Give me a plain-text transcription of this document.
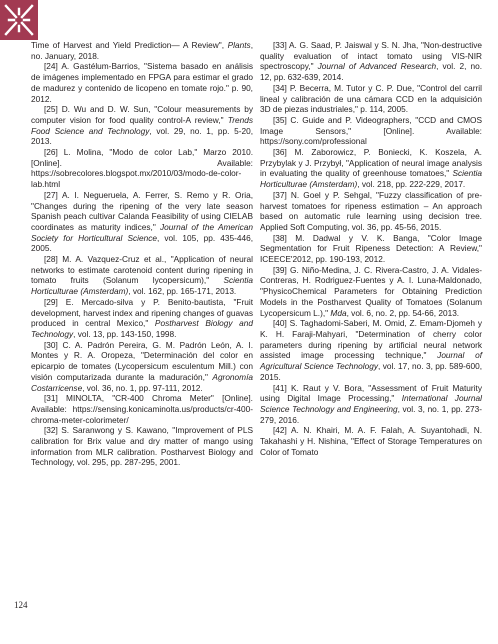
Time of Harvest and Yield Prediction— A Review", Plants, no. January, 2018.

[24] A. Gastélum-Barrios, "Sistema basado en análisis de imágenes implementado en FPGA para estimar el grado de madurez y contenido de licopeno en tomate rojo." p. 90, 2012.

[25] D. Wu and D. W. Sun, "Colour measurements by computer vision for food quality control-A review," Trends Food Science and Technology, vol. 29, no. 1, pp. 5-20, 2013.

[26] L. Molina, "Modo de color Lab," Marzo 2010. [Online]. Available: https://sobrecolores.blogspot.mx/2010/03/modo-de-color-lab.html

[27] A. I. Negueruela, A. Ferrer, S. Remo y R. Oria, "Changes during the ripening of the very late season Spanish peach cultivar Calanda Feasibility of using CIELAB coordinates as maturity indices," Journal of the American Society for Horticultural Science, vol. 105, pp. 435-446, 2005.

[28] M. A. Vazquez-Cruz et al., "Application of neural networks to estimate carotenoid content during ripening in tomato fruits (Solanum lycopersicum)," Scientia Horticulturae (Amsterdam), vol. 162, pp. 165-171, 2013.

[29] E. Mercado-silva y P. Benito-bautista, "Fruit development, harvest index and ripening changes of guavas produced in central Mexico," Postharvest Biology and Technology, vol. 13, pp. 143-150, 1998.

[30] C. A. Padrón Pereira, G. M. Padrón León, A. I. Montes y R. A. Oropeza, "Determinación del color en epicarpio de tomates (Lycopersicum esculentum Mill.) con visión computarizada durante la maduración," Agronomía Costarricense, vol. 36, no. 1, pp. 97-111, 2012.

[31] MINOLTA, "CR-400 Chroma Meter" [Online]. Available: https://sensing.konicaminolta.us/products/cr-400-chroma-meter-colorimeter/

[32] S. Saranwong y S. Kawano, "Improvement of PLS calibration for Brix value and dry matter of mango using information from MLR calibration. Postharvest Biology and Technology, vol. 295, pp. 287-295, 2001.

[33] A. G. Saad, P. Jaiswal y S. N. Jha, "Non-destructive quality evaluation of intact tomato using VIS-NIR spectroscopy," Journal of Advanced Research, vol. 2, no. 12, pp. 632-639, 2014.

[34] P. Becerra, M. Tutor y C. P. Due, "Control del carril lineal y calibración de una cámara CCD en la adquisición 3D de piezas industriales," p. 114, 2005.

[35] C. Guide and P. Videographers, "CCD and CMOS Image Sensors," [Online]. Available: https://sony.com/professional

[36] M. Zaborowicz, P. Boniecki, K. Koszela, A. Przybylak y J. Przybył, "Application of neural image analysis in evaluating the quality of greenhouse tomatoes," Scientia Horticulturae (Amsterdam), vol. 218, pp. 222-229, 2017.

[37] N. Goel y P. Sehgal, "Fuzzy classification of pre-harvest tomatoes for ripeness estimation – An approach based on automatic rule learning using decision tree. Applied Soft Computing, vol. 36, pp. 45-56, 2015.

[38] M. Dadwal y V. K. Banga, "Color Image Segmentation for Fruit Ripeness Detection: A Review," ICEECE'2012, pp. 190-193, 2012.

[39] G. Niño-Medina, J. C. Rivera-Castro, J. A. Vidales-Contreras, H. Rodriguez-Fuentes y A. I. Luna-Maldonado, "PhysicoChemical Parameters for Obtaining Prediction Models in the Postharvest Quality of Tomatoes (Solanum Lycopersicum L.)," Mda, vol. 6, no. 2, pp. 54-66, 2013.

[40] S. Taghadomi-Saberi, M. Omid, Z. Emam-Djomeh y K. H. Faraji-Mahyari, "Determination of cherry color parameters during ripening by artificial neural network assisted image processing technique," Journal of Agricultural Science Technology, vol. 17, no. 3, pp. 589-600, 2015.

[41] K. Raut y V. Bora, "Assessment of Fruit Maturity using Digital Image Processing," International Journal Science Technology and Engineering, vol. 3, no. 1, pp. 273-279, 2016.

[42] A. N. Khairi, M. A. F. Falah, A. Suyantohadi, N. Takahashi y H. Nishina, "Effect of Storage Temperatures on Color of Tomato

124
